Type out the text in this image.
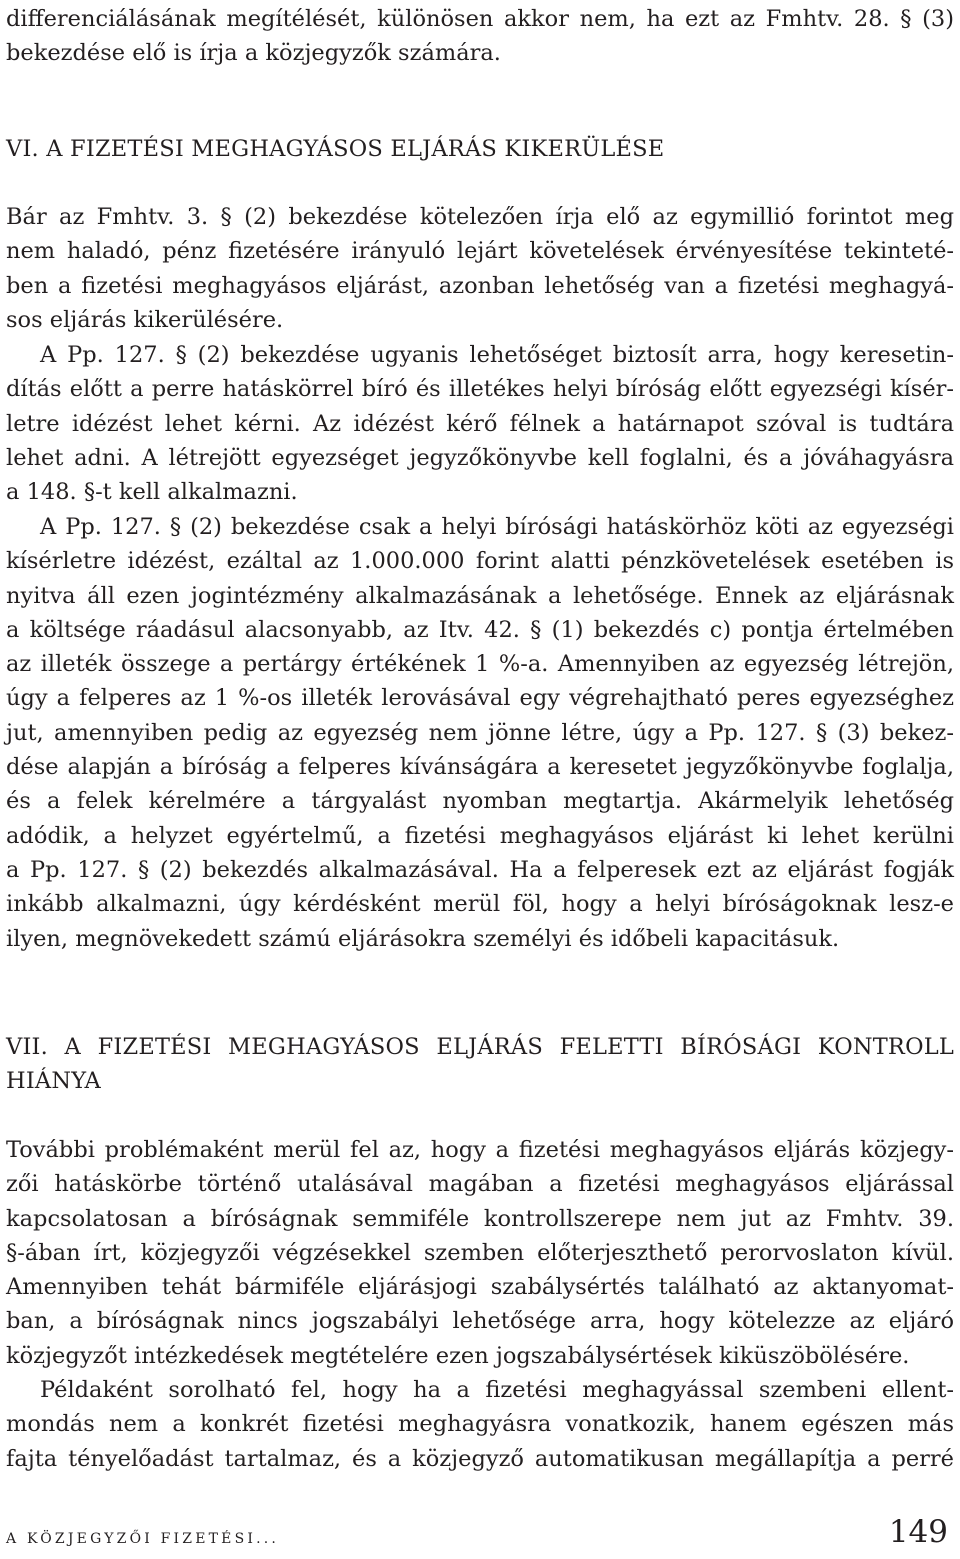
differenciálásának megítélését, különösen akkor nem, ha ezt az Fmhtv. 28. § (3)
bekezdése elő is írja a közjegyzők számára.
VI. A FIZETÉSI MEGHAGYÁSOS ELJÁRÁS KIKERÜLÉSE
Bár az Fmhtv. 3. § (2) bekezdése kötelezően írja elő az egymillió forintot meg
nem haladó, pénz fizetésére irányuló lejárt követelések érvényesítése tekinteté-
ben a fizetési meghagyásos eljárást, azonban lehetőség van a fizetési meghagyá-
sos eljárás kikerülésére.
A Pp. 127. § (2) bekezdése ugyanis lehetőséget biztosít arra, hogy keresetin-
dítás előtt a perre hatáskörrel bíró és illetékes helyi bíróság előtt egyezségi kísér-
letre idézést lehet kérni. Az idézést kérő félnek a határnapot szóval is tudtára
lehet adni. A létrejött egyezséget jegyzőkönyvbe kell foglalni, és a jóváhagyásra
a 148. §-t kell alkalmazni.
A Pp. 127. § (2) bekezdése csak a helyi bírósági hatáskörhöz köti az egyezségi
kísérletre idézést, ezáltal az 1.000.000 forint alatti pénzkövetelések esetében is
nyitva áll ezen jogintézmény alkalmazásának a lehetősége. Ennek az eljárásnak
a költsége ráadásul alacsonyabb, az Itv. 42. § (1) bekezdés c) pontja értelmében
az illeték összege a pertárgy értékének 1 %-a. Amennyiben az egyezség létrejön,
úgy a felperes az 1 %-os illeték lerovásával egy végrehajtható peres egyezséghez
jut, amennyiben pedig az egyezség nem jönne létre, úgy a Pp. 127. § (3) bekez-
dése alapján a bíróság a felperes kívánságára a keresetet jegyzőkönyvbe foglalja,
és a felek kérelmére a tárgyalást nyomban megtartja. Akármelyik lehetőség
adódik, a helyzet egyértelmű, a fizetési meghagyásos eljárást ki lehet kerülni
a Pp. 127. § (2) bekezdés alkalmazásával. Ha a felperesek ezt az eljárást fogják
inkább alkalmazni, úgy kérdésként merül föl, hogy a helyi bíróságoknak lesz-e
ilyen, megnövekedett számú eljárásokra személyi és időbeli kapacitásuk.
VII. A FIZETÉSI MEGHAGYÁSOS ELJÁRÁS FELETTI BÍRÓSÁGI KONTROLL
HIÁNYA
További problémaként merül fel az, hogy a fizetési meghagyásos eljárás közjegy-
zői hatáskörbe történő utalásával magában a fizetési meghagyásos eljárással
kapcsolatosan a bíróságnak semmiféle kontrollszerepe nem jut az Fmhtv. 39.
§-ában írt, közjegyzői végzésekkel szemben előterjeszthető perorvoslaton kívül.
Amennyiben tehát bármiféle eljárásjogi szabálysértés található az aktanyomat-
ban, a bíróságnak nincs jogszabályi lehetősége arra, hogy kötelezze az eljáró
közjegyzőt intézkedések megtételére ezen jogszabálysértések kiküszöbölésére.
Példaként sorolható fel, hogy ha a fizetési meghagyással szembeni ellent-
mondás nem a konkrét fizetési meghagyásra vonatkozik, hanem egészen más
fajta tényelőadást tartalmaz, és a közjegyző automatikusan megállapítja a perré
A KÖZJEGYZŐI FIZETÉSI...	149
